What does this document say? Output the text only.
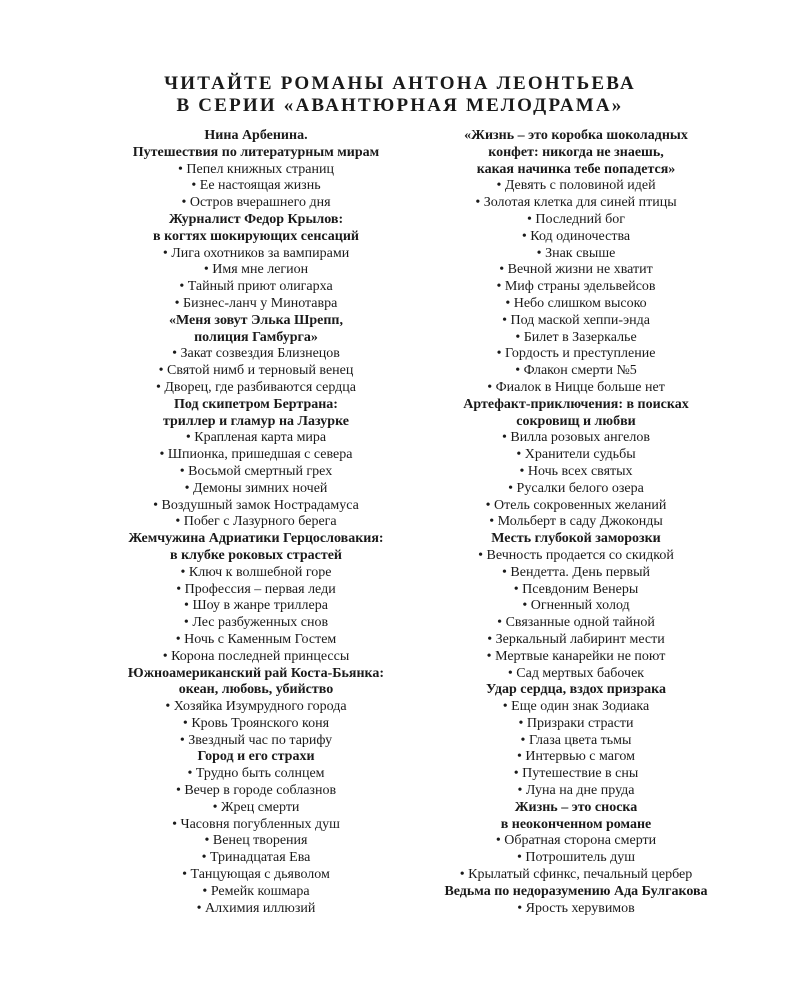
ЧИТАЙТЕ РОМАНЫ АНТОНА ЛЕОНТЬЕВА
В СЕРИИ «АВАНТЮРНАЯ МЕЛОДРАМА»
Нина Арбенина.
Путешествия по литературным мирам
• Пепел книжных страниц
• Ее настоящая жизнь
• Остров вчерашнего дня
Журналист Федор Крылов:
в когтях шокирующих сенсаций
• Лига охотников за вампирами
• Имя мне легион
• Тайный приют олигарха
• Бизнес-ланч у Минотавра
«Меня зовут Элька Шрепп,
полиция Гамбурга»
• Закат созвездия Близнецов
• Святой нимб и терновый венец
• Дворец, где разбиваются сердца
Под скипетром Бертрана:
триллер и гламур на Лазурке
• Крапленая карта мира
• Шпионка, пришедшая с севера
• Восьмой смертный грех
• Демоны зимних ночей
• Воздушный замок Нострадамуса
• Побег с Лазурного берега
Жемчужина Адриатики Герцословакия:
в клубке роковых страстей
• Ключ к волшебной горе
• Профессия – первая леди
• Шоу в жанре триллера
• Лес разбуженных снов
• Ночь с Каменным Гостем
• Корона последней принцессы
Южноамериканский рай Коста-Бьянка:
океан, любовь, убийство
• Хозяйка Изумрудного города
• Кровь Троянского коня
• Звездный час по тарифу
Город и его страхи
• Трудно быть солнцем
• Вечер в городе соблазнов
• Жрец смерти
• Часовня погубленных душ
• Венец творения
• Тринадцатая Ева
• Танцующая с дьяволом
• Ремейк кошмара
• Алхимия иллюзий
«Жизнь – это коробка шоколадных
конфет: никогда не знаешь,
какая начинка тебе попадется»
• Девять с половиной идей
• Золотая клетка для синей птицы
• Последний бог
• Код одиночества
• Знак свыше
• Вечной жизни не хватит
• Миф страны эдельвейсов
• Небо слишком высоко
• Под маской хеппи-энда
• Билет в Зазеркалье
• Гордость и преступление
• Флакон смерти №5
• Фиалок в Ницце больше нет
Артефакт-приключения: в поисках
сокровищ и любви
• Вилла розовых ангелов
• Хранители судьбы
• Ночь всех святых
• Русалки белого озера
• Отель сокровенных желаний
• Мольберт в саду Джоконды
Месть глубокой заморозки
• Вечность продается со скидкой
• Вендетта. День первый
• Псевдоним Венеры
• Огненный холод
• Связанные одной тайной
• Зеркальный лабиринт мести
• Мертвые канарейки не поют
• Сад мертвых бабочек
Удар сердца, вздох призрака
• Еще один знак Зодиака
• Призраки страсти
• Глаза цвета тьмы
• Интервью с магом
• Путешествие в сны
• Луна на дне пруда
Жизнь – это сноска
в неоконченном романе
• Обратная сторона смерти
• Потрошитель душ
• Крылатый сфинкс, печальный цербер
Ведьма по недоразумению Ада Булгакова
• Ярость херувимов
